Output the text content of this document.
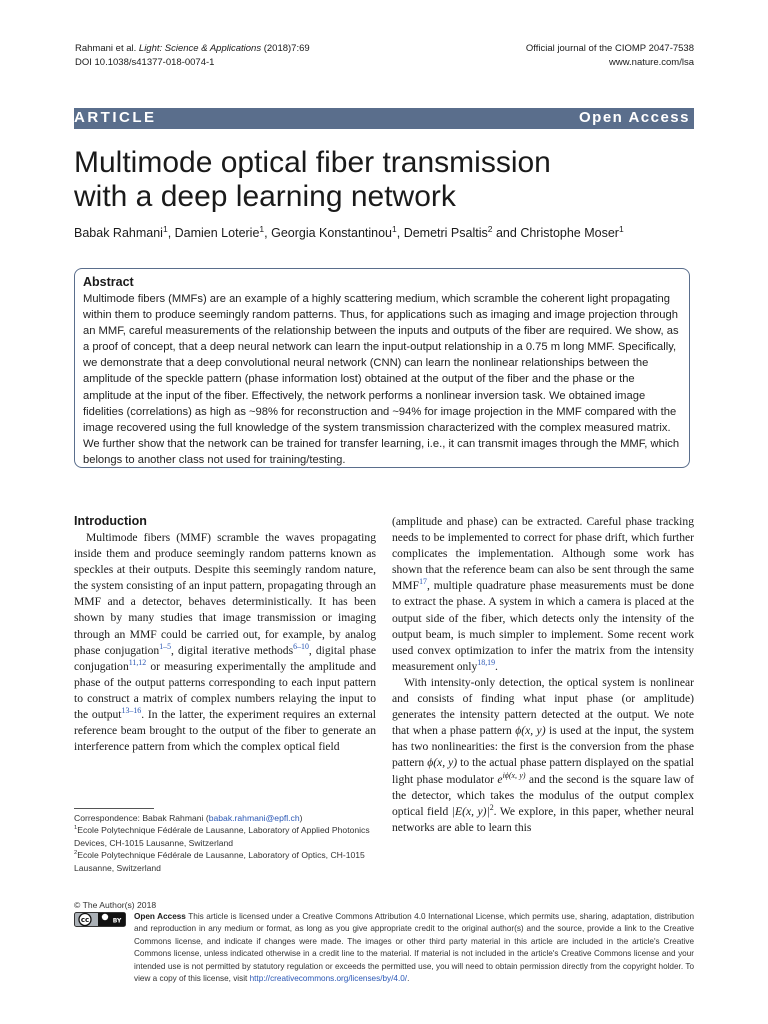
Rahmani et al. Light: Science & Applications (2018)7:69
DOI 10.1038/s41377-018-0074-1
Official journal of the CIOMP 2047-7538
www.nature.com/lsa
ARTICLE	Open Access
Multimode optical fiber transmission
with a deep learning network
Babak Rahmani$^1$, Damien Loterie$^1$, Georgia Konstantinou$^1$, Demetri Psaltis$^2$ and Christophe Moser$^1$
Abstract
Multimode fibers (MMFs) are an example of a highly scattering medium, which scramble the coherent light propagating within them to produce seemingly random patterns. Thus, for applications such as imaging and image projection through an MMF, careful measurements of the relationship between the inputs and outputs of the fiber are required. We show, as a proof of concept, that a deep neural network can learn the input-output relationship in a 0.75 m long MMF. Specifically, we demonstrate that a deep convolutional neural network (CNN) can learn the nonlinear relationships between the amplitude of the speckle pattern (phase information lost) obtained at the output of the fiber and the phase or the amplitude at the input of the fiber. Effectively, the network performs a nonlinear inversion task. We obtained image fidelities (correlations) as high as ~98% for reconstruction and ~94% for image projection in the MMF compared with the image recovered using the full knowledge of the system transmission characterized with the complex measured matrix. We further show that the network can be trained for transfer learning, i.e., it can transmit images through the MMF, which belongs to another class not used for training/testing.
Introduction

Multimode fibers (MMF) scramble the waves propagating inside them and produce seemingly random patterns known as speckles at their outputs. Despite this seemingly random nature, the system consisting of an input pattern, propagating through an MMF and a detector, behaves deterministically. It has been shown by many studies that image transmission or imaging through an MMF could be carried out, for example, by analog phase conjugation$^{1-5}$, digital iterative methods$^{6-10}$, digital phase conjugation$^{11,12}$ or measuring experimentally the amplitude and phase of the output patterns corresponding to each input pattern to construct a matrix of complex numbers relaying the input to the output$^{13-16}$. In the latter, the experiment requires an external reference beam brought to the output of the fiber to generate an interference pattern from which the complex optical field

(amplitude and phase) can be extracted. Careful phase tracking needs to be implemented to correct for phase drift, which further complicates the implementation. Although some work has shown that the reference beam can also be sent through the same MMF$^{17}$, multiple quadrature phase measurements must be done to extract the phase. A system in which a camera is placed at the output side of the fiber, which detects only the intensity of the output beam, is much simpler to implement. Some recent work used convex optimization to infer the matrix from the intensity measurement only$^{18,19}$.

With intensity-only detection, the optical system is nonlinear and consists of finding what input phase (or amplitude) generates the intensity pattern detected at the output. We note that when a phase pattern ϕ(x, y) is used at the input, the system has two nonlinearities: the first is the conversion from the phase pattern ϕ(x, y) to the actual phase pattern displayed on the spatial light phase modulator $e^{i\phi(x, y)}$ and the second is the square law of the detector, which takes the modulus of the output complex optical field |E(x, $y)|^2$. We explore, in this paper, whether neural networks are able to learn this

Correspondence: Babak Rahmani (babak.rahmani@epfl.ch)
$^1$Ecole Polytechnique Fédérale de Lausanne, Laboratory of Applied Photonics Devices, CH-1015 Lausanne, Switzerland
$^2$Ecole Polytechnique Fédérale de Lausanne, Laboratory of Optics, CH-1015 Lausanne, Switzerland
© The Author(s) 2018
cc	BY Open Access This article is licensed under a Creative Commons Attribution 4.0 International License, which permits use, sharing, adaptation, distribution and reproduction in any medium or format, as long as you give appropriate credit to the original author(s) and the source, provide a link to the Creative Commons license, and indicate if changes were made. The images or other third party material in this article are included in the article's Creative Commons license, unless indicated otherwise in a credit line to the material. If material is not included in the article's Creative Commons license and your intended use is not permitted by statutory regulation or exceeds the permitted use, you will need to obtain permission directly from the copyright holder. To view a copy of this license, visit http://creativecommons.org/licenses/by/4.0/.
